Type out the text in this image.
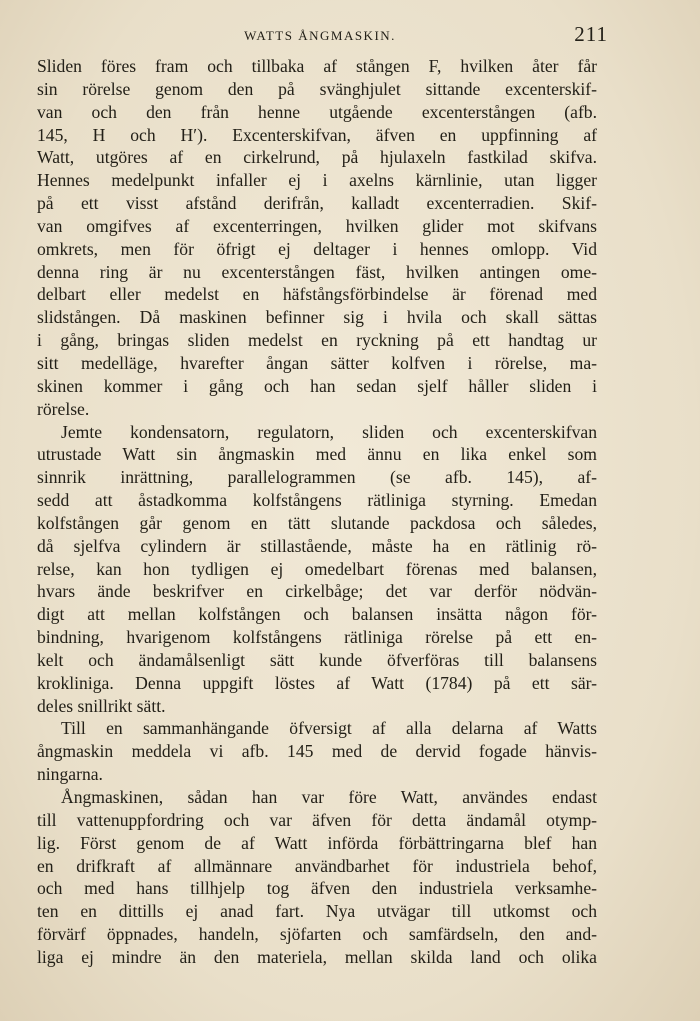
WATTS ÅNGMASKIN.	211
Sliden föres fram och tillbaka af stången F, hvilken åter får
sin rörelse genom den på svänghjulet sittande excenterskif-
van och den från henne utgående excenterstången (afb.
145, H och H′). Excenterskifvan, äfven en uppfinning af
Watt, utgöres af en cirkelrund, på hjulaxeln fastkilad skifva.
Hennes medelpunkt infaller ej i axelns kärnlinie, utan ligger
på ett visst afstånd derifrån, kalladt excenterradien. Skif-
van omgifves af excenterringen, hvilken glider mot skifvans
omkrets, men för öfrigt ej deltager i hennes omlopp. Vid
denna ring är nu excenterstången fäst, hvilken antingen ome-
delbart eller medelst en häfstångsförbindelse är förenad med
slidstången. Då maskinen befinner sig i hvila och skall sättas
i gång, bringas sliden medelst en ryckning på ett handtag ur
sitt medelläge, hvarefter ångan sätter kolfven i rörelse, ma-
skinen kommer i gång och han sedan sjelf håller sliden i
rörelse.
Jemte kondensatorn, regulatorn, sliden och excenterskifvan
utrustade Watt sin ångmaskin med ännu en lika enkel som
sinnrik inrättning, parallelogrammen (se afb. 145), af-
sedd att åstadkomma kolfstångens rätliniga styrning. Emedan
kolfstången går genom en tätt slutande packdosa och således,
då sjelfva cylindern är stillastående, måste ha en rätlinig rö-
relse, kan hon tydligen ej omedelbart förenas med balansen,
hvars ände beskrifver en cirkelbåge; det var derför nödvän-
digt att mellan kolfstången och balansen insätta någon för-
bindning, hvarigenom kolfstångens rätliniga rörelse på ett en-
kelt och ändamålsenligt sätt kunde öfverföras till balansens
krokliniga. Denna uppgift löstes af Watt (1784) på ett sär-
deles snillrikt sätt.
Till en sammanhängande öfversigt af alla delarna af Watts
ångmaskin meddela vi afb. 145 med de dervid fogade hänvis-
ningarna.
Ångmaskinen, sådan han var före Watt, användes endast
till vattenuppfordring och var äfven för detta ändamål otymp-
lig. Först genom de af Watt införda förbättringarna blef han
en drifkraft af allmännare användbarhet för industriela behof,
och med hans tillhjelp tog äfven den industriela verksamhe-
ten en dittills ej anad fart. Nya utvägar till utkomst och
förvärf öppnades, handeln, sjöfarten och samfärdseln, den and-
liga ej mindre än den materiela, mellan skilda land och olika
